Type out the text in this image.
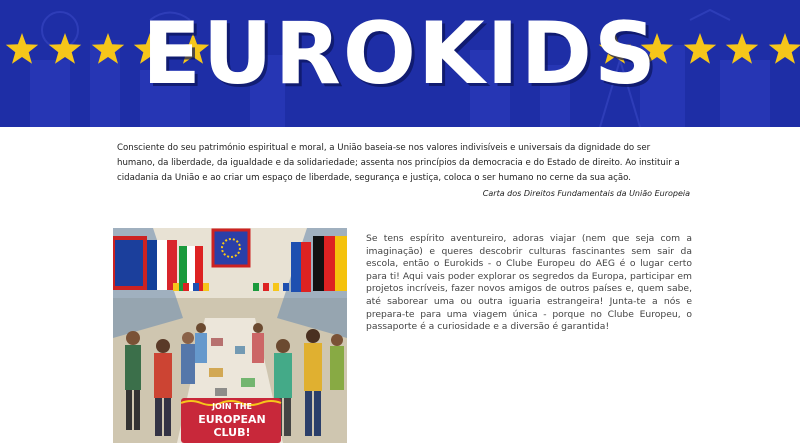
EUROKIDS
Consciente do seu património espiritual e moral, a União baseia-se nos valores indivisíveis e universais da dignidade do ser humano, da liberdade, da igualdade e da solidariedade; assenta nos princípios da democracia e do Estado de direito. Ao instituir a cidadania da União e ao criar um espaço de liberdade, segurança e justiça, coloca o ser humano no cerne da sua ação.
Carta dos Direitos Fundamentais da União Europeia
JOIN THE
EUROPEAN
CLUB!
Se tens espírito aventureiro, adoras viajar (nem que seja com a imaginação) e queres descobrir culturas fascinantes sem sair da escola, então o Eurokids - o Clube Europeu do AEG é o lugar certo para ti! Aqui vais poder explorar os segredos da Europa, participar em projetos incríveis, fazer novos amigos de outros países e, quem sabe, até saborear uma ou outra iguaria estrangeira! Junta-te a nós e prepara-te para uma viagem única - porque no Clube Europeu, o passaporte é a curiosidade e a diversão é garantida!
